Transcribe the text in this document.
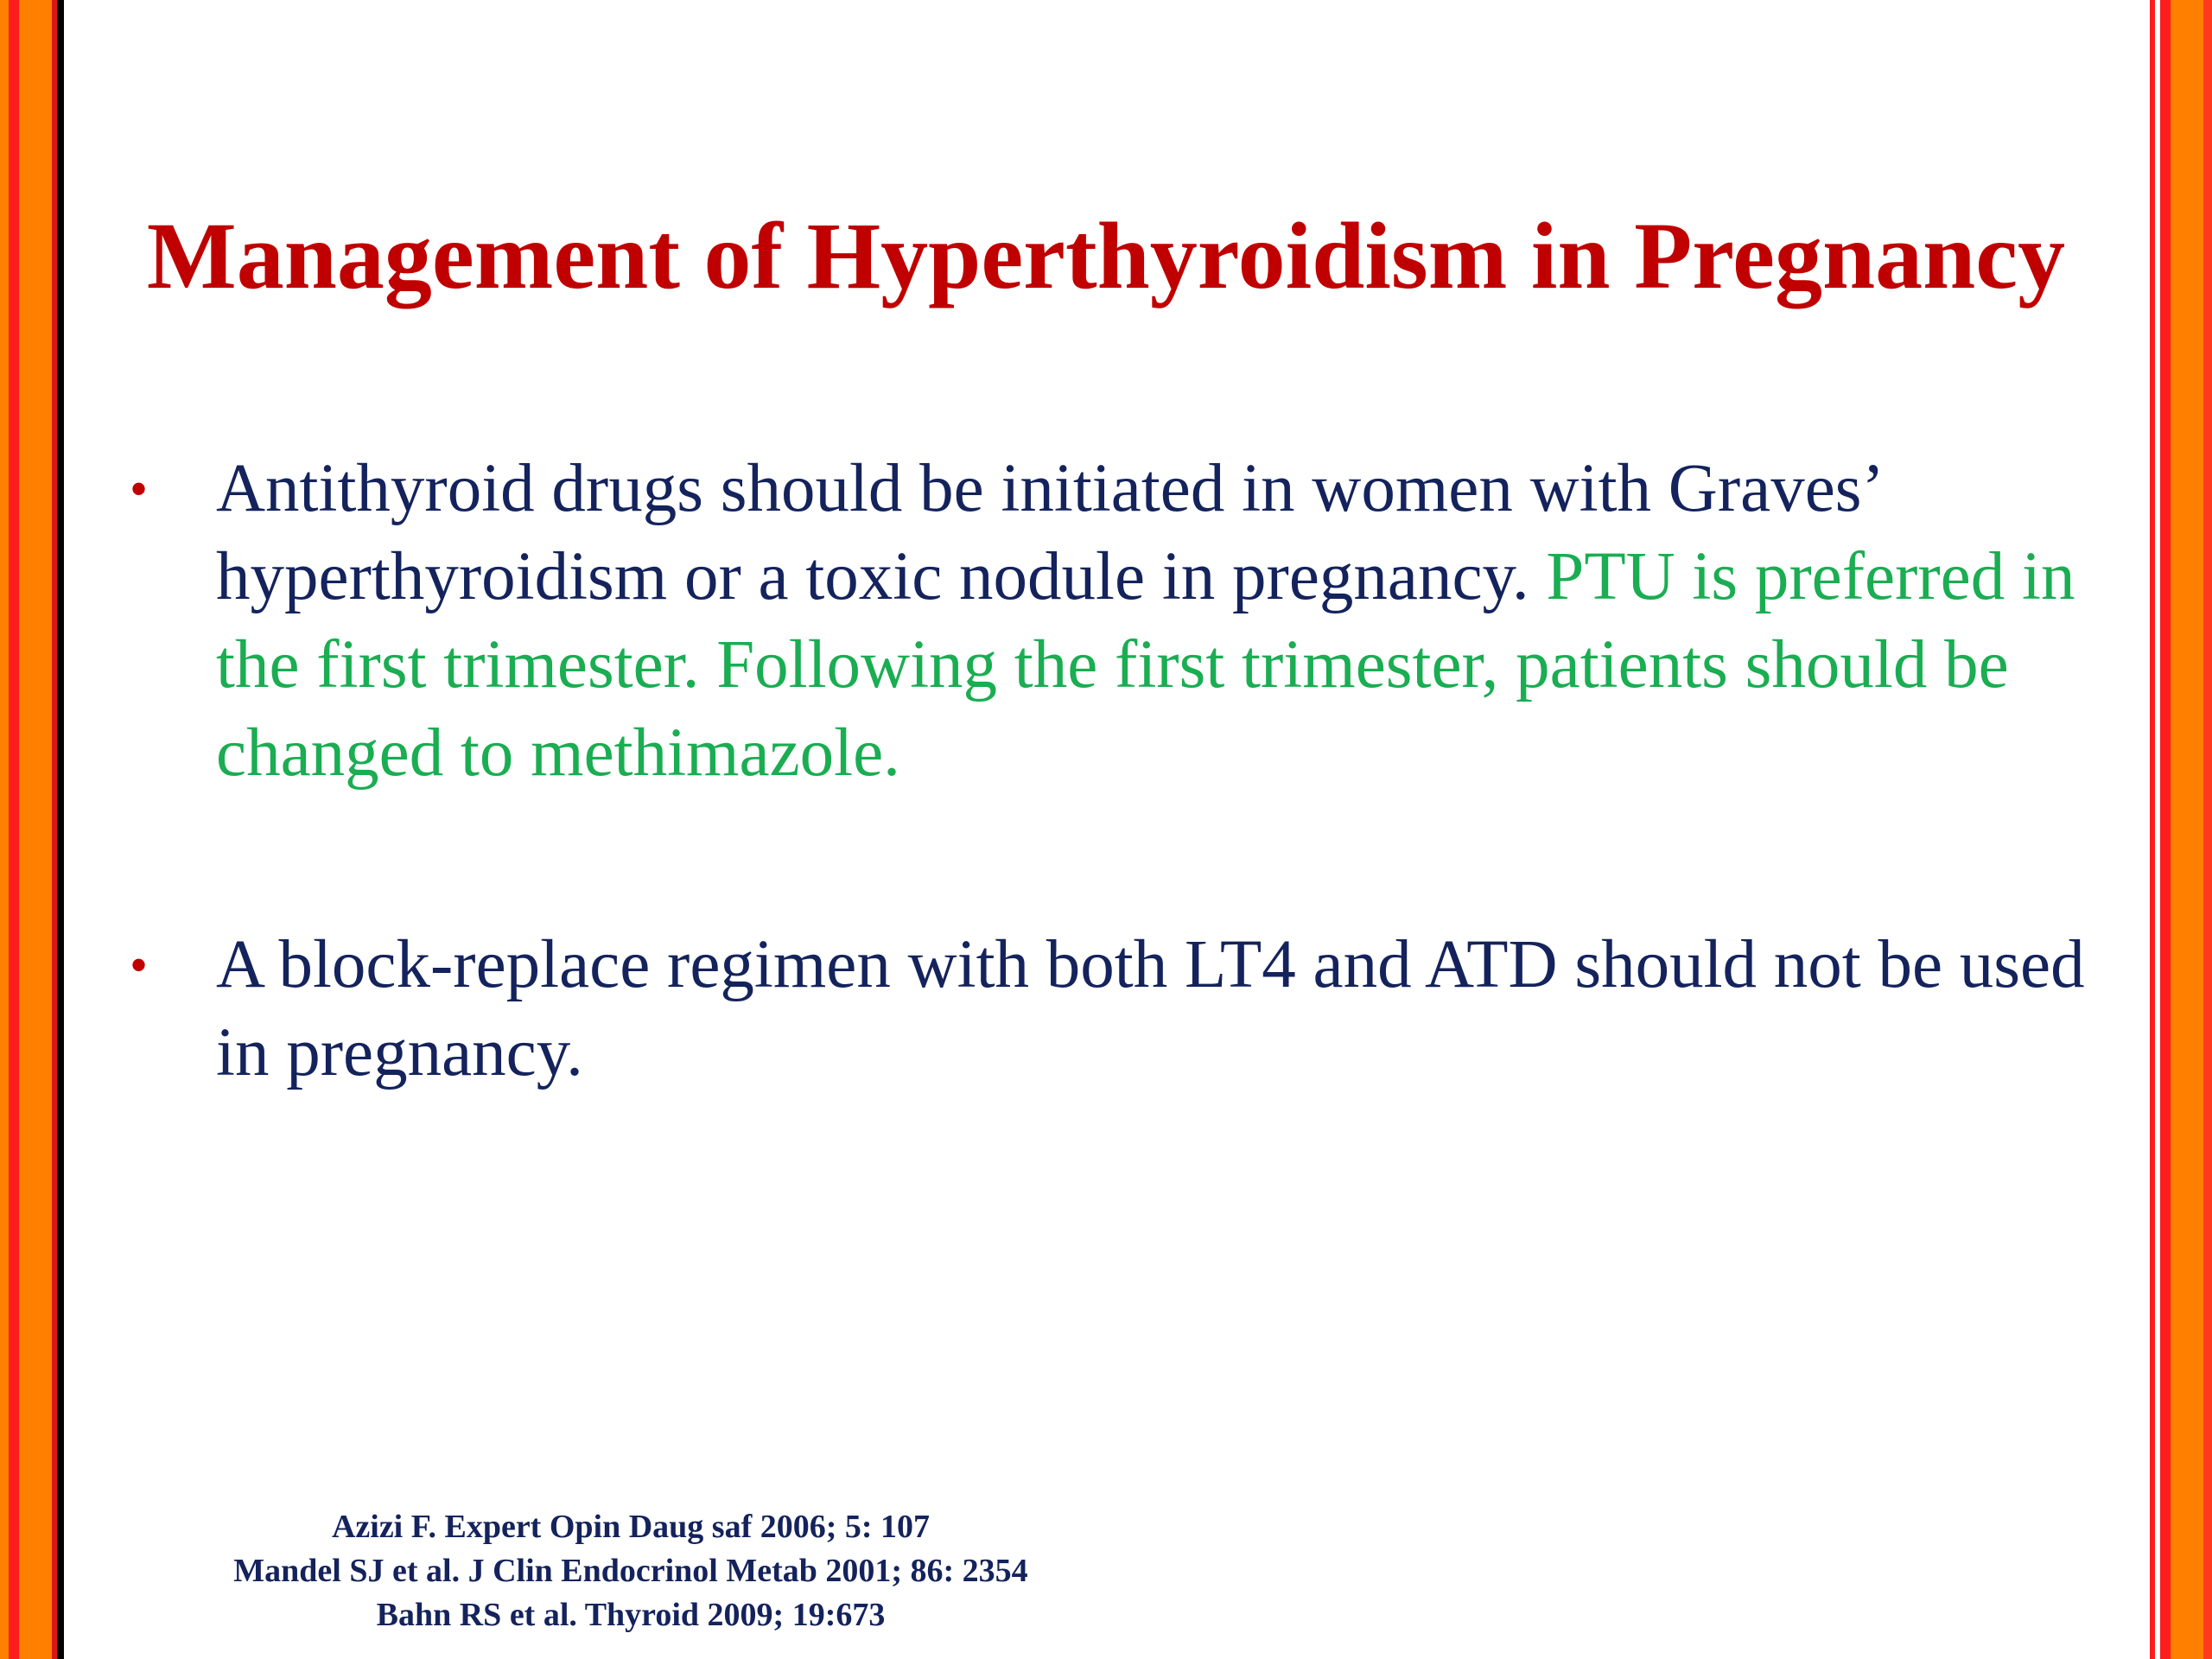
Management of Hyperthyroidism in Pregnancy
• Antithyroid drugs should be initiated in women with Graves’ hyperthyroidism or a toxic nodule in pregnancy. PTU is preferred in the first trimester. Following the first trimester, patients should be changed to methimazole.
• A block-replace regimen with both LT4 and ATD should not be used in pregnancy.
Azizi F. Expert Opin Daug saf 2006; 5: 107
Mandel SJ et al. J Clin Endocrinol Metab 2001; 86: 2354
Bahn RS et al. Thyroid 2009; 19:673
